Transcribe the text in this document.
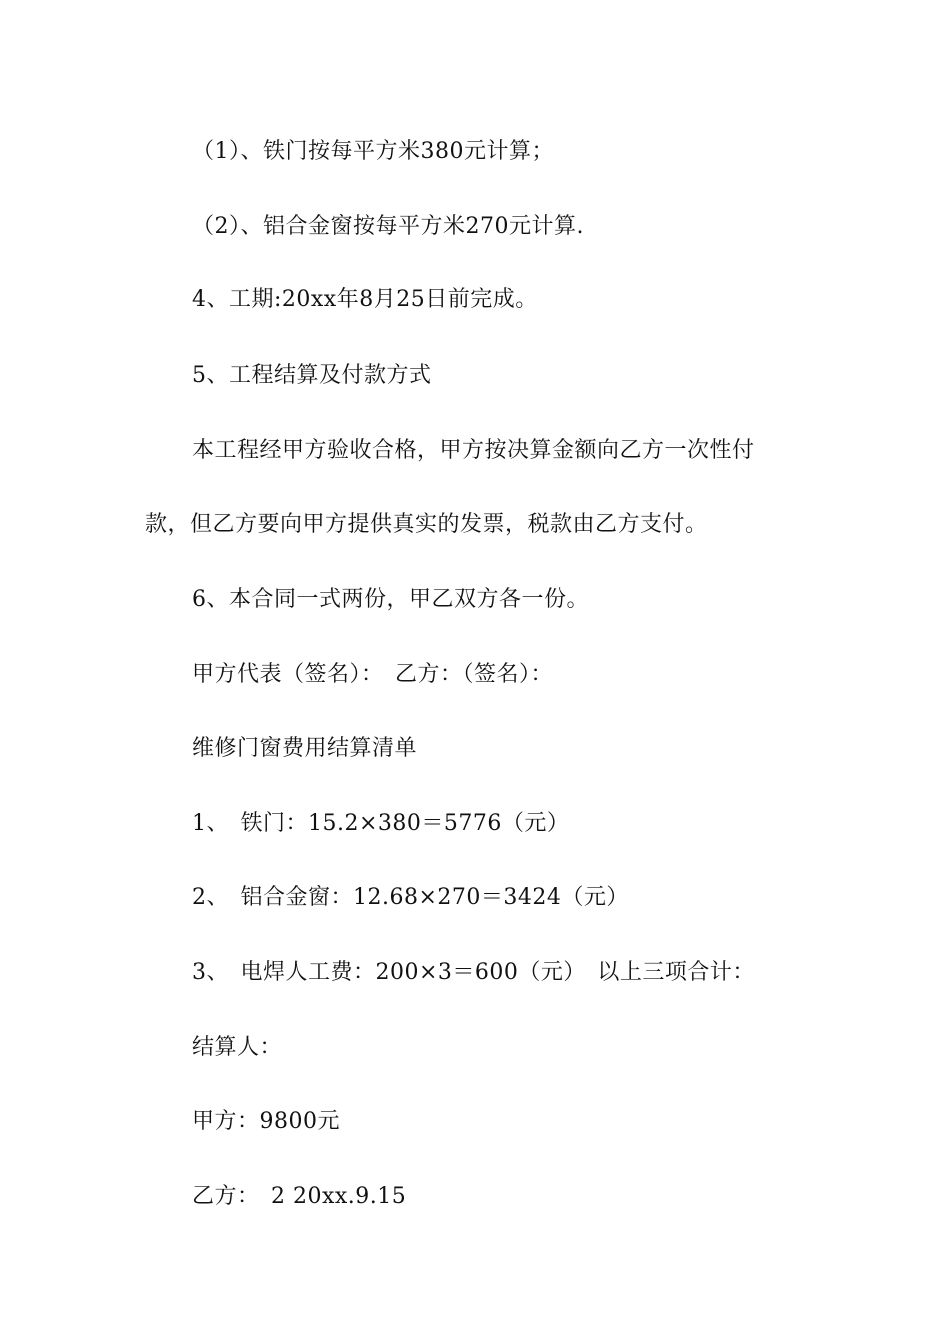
（1）、铁门按每平方米380元计算；
（2）、铝合金窗按每平方米270元计算.
4、工期:20xx年8月25日前完成。
5、工程结算及付款方式
本工程经甲方验收合格，甲方按决算金额向乙方一次性付
款，但乙方要向甲方提供真实的发票，税款由乙方支付。
6、本合同一式两份，甲乙双方各一份。
甲方代表（签名）：　乙方：（签名）：
维修门窗费用结算清单
1、　铁门：15.2×380＝5776（元）
2、　铝合金窗：12.68×270＝3424（元）
3、　电焊人工费：200×3＝600（元）　以上三项合计：
结算人：
甲方：9800元
乙方：　2 20xx.9.15
